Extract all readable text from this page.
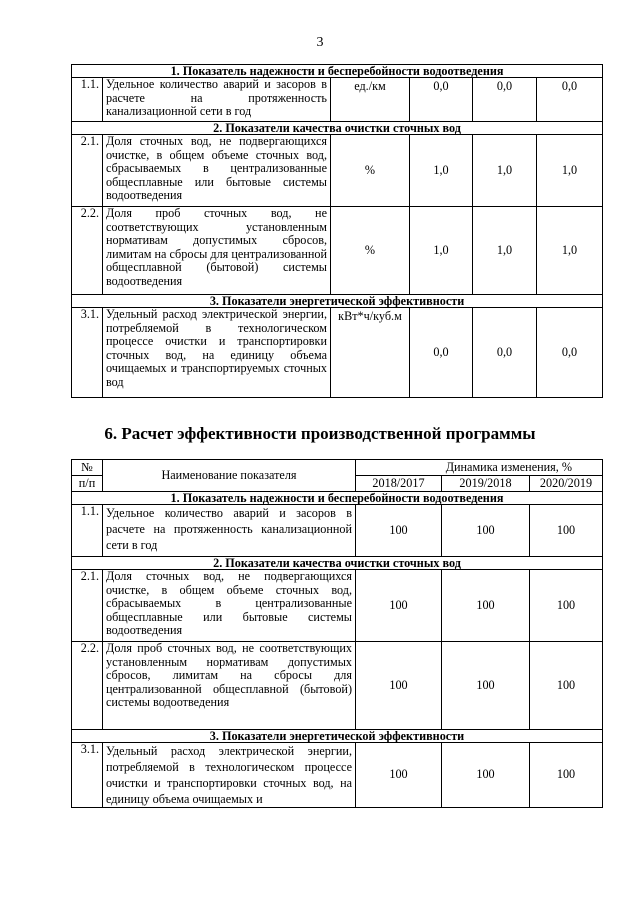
3
1. Показатель надежности и бесперебойности водоотведения					
1.1.	Удельное количество аварий и засоров в расчете на протяженность канализационной сети в год	ед./км	0,0	0,0	0,0
2. Показатели качества очистки сточных вод					
2.1.	Доля сточных вод, не подвергающихся очистке, в общем объеме сточных вод, сбрасываемых в централизованные общесплавные или бытовые системы водоотведения	%	1,0	1,0	1,0
2.2.	Доля проб сточных вод, не соответствующих установленным нормативам допустимых сбросов, лимитам на сбросы для централизованной общесплавной (бытовой) системы водоотведения	%	1,0	1,0	1,0
3. Показатели энергетической эффективности					
3.1.	Удельный расход электрической энергии, потребляемой в технологическом процессе очистки и транспортировки сточных вод, на единицу объема очищаемых и транспортируемых сточных вод	кВт*ч/куб.м	0,0	0,0	0,0
6. Расчет эффективности производственной программы
№	Наименование показателя	Динамика изменения, %		
п/п		2018/2017	2019/2018	2020/2019
1. Показатель надежности и бесперебойности водоотведения				
1.1.	Удельное количество аварий и засоров в расчете на протяженность канализационной сети в год	100	100	100
2. Показатели качества очистки сточных вод				
2.1.	Доля сточных вод, не подвергающихся очистке, в общем объеме сточных вод, сбрасываемых в централизованные общесплавные или бытовые системы водоотведения	100	100	100
2.2.	Доля проб сточных вод, не соответствующих установленным нормативам допустимых сбросов, лимитам на сбросы для централизованной общесплавной (бытовой) системы водоотведения	100	100	100
3. Показатели энергетической эффективности				
3.1.	Удельный расход электрической энергии, потребляемой в технологическом процессе очистки и транспортировки сточных вод, на единицу объема очищаемых и	100	100	100
